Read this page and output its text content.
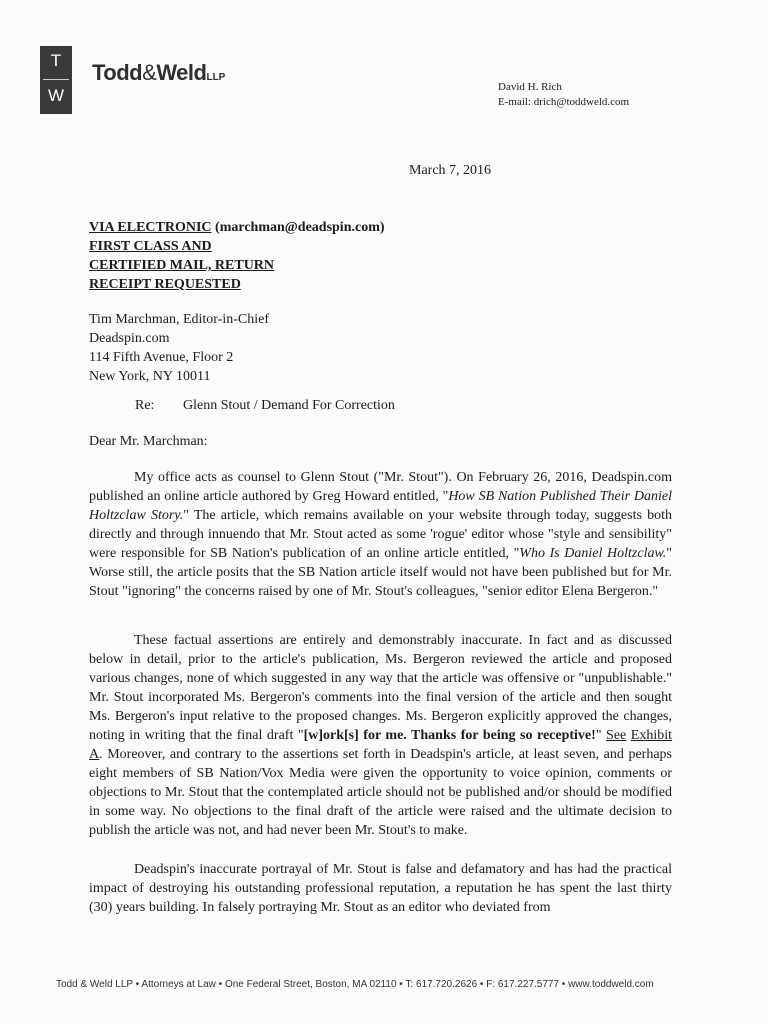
T
W
Todd&WeldLLP
David H. Rich
E-mail: drich@toddweld.com
March 7, 2016
VIA ELECTRONIC (marchman@deadspin.com)
FIRST CLASS AND
CERTIFIED MAIL, RETURN
RECEIPT REQUESTED
Tim Marchman, Editor-in-Chief
Deadspin.com
114 Fifth Avenue, Floor 2
New York, NY 10011
Re: Glenn Stout / Demand For Correction
Dear Mr. Marchman:

My office acts as counsel to Glenn Stout ("Mr. Stout"). On February 26, 2016, Deadspin.com published an online article authored by Greg Howard entitled, "How SB Nation Published Their Daniel Holtzclaw Story." The article, which remains available on your website through today, suggests both directly and through innuendo that Mr. Stout acted as some 'rogue' editor whose "style and sensibility" were responsible for SB Nation's publication of an online article entitled, "Who Is Daniel Holtzclaw." Worse still, the article posits that the SB Nation article itself would not have been published but for Mr. Stout "ignoring" the concerns raised by one of Mr. Stout's colleagues, "senior editor Elena Bergeron."

These factual assertions are entirely and demonstrably inaccurate. In fact and as discussed below in detail, prior to the article's publication, Ms. Bergeron reviewed the article and proposed various changes, none of which suggested in any way that the article was offensive or "unpublishable." Mr. Stout incorporated Ms. Bergeron's comments into the final version of the article and then sought Ms. Bergeron's input relative to the proposed changes. Ms. Bergeron explicitly approved the changes, noting in writing that the final draft "[w]ork[s] for me. Thanks for being so receptive!" See Exhibit A. Moreover, and contrary to the assertions set forth in Deadspin's article, at least seven, and perhaps eight members of SB Nation/Vox Media were given the opportunity to voice opinion, comments or objections to Mr. Stout that the contemplated article should not be published and/or should be modified in some way. No objections to the final draft of the article were raised and the ultimate decision to publish the article was not, and had never been Mr. Stout's to make.

Deadspin's inaccurate portrayal of Mr. Stout is false and defamatory and has had the practical impact of destroying his outstanding professional reputation, a reputation he has spent the last thirty (30) years building. In falsely portraying Mr. Stout as an editor who deviated from

Todd & Weld LLP • Attorneys at Law • One Federal Street, Boston, MA 02110 • T: 617.720.2626 • F: 617.227.5777 • www.toddweld.com
